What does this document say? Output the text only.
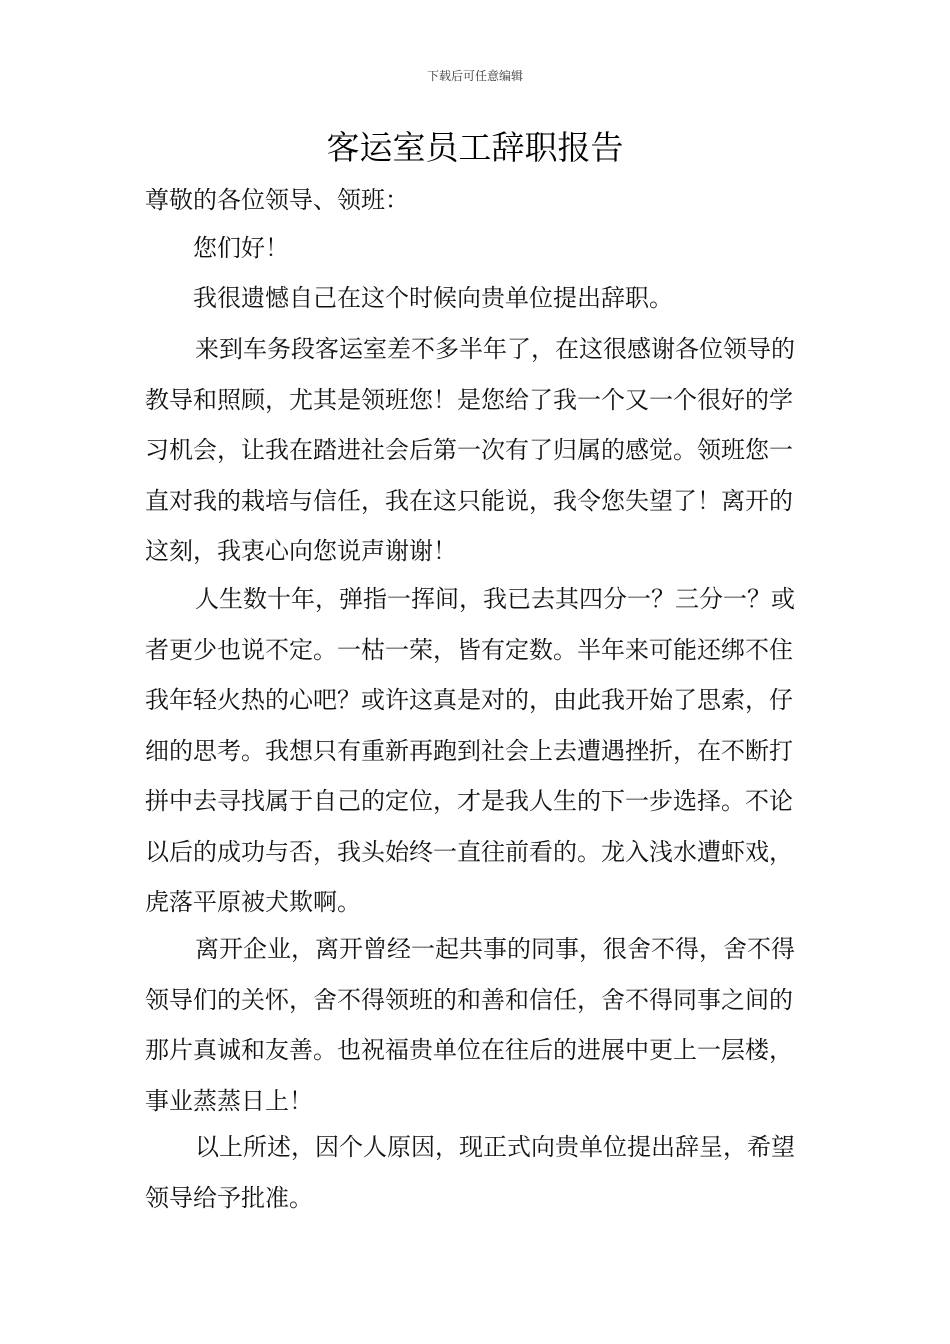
下载后可任意编辑
客运室员工辞职报告
尊敬的各位领导、领班：
您们好！

我很遗憾自己在这个时候向贵单位提出辞职。

来到车务段客运室差不多半年了，在这很感谢各位领导的教导和照顾，尤其是领班您！是您给了我一个又一个很好的学习机会，让我在踏进社会后第一次有了归属的感觉。领班您一直对我的栽培与信任，我在这只能说，我令您失望了！离开的这刻，我衷心向您说声谢谢！

人生数十年，弹指一挥间，我已去其四分一？三分一？或者更少也说不定。一枯一荣，皆有定数。半年来可能还绑不住我年轻火热的心吧？或许这真是对的，由此我开始了思索，仔细的思考。我想只有重新再跑到社会上去遭遇挫折，在不断打拼中去寻找属于自己的定位，才是我人生的下一步选择。不论以后的成功与否，我头始终一直往前看的。龙入浅水遭虾戏，虎落平原被犬欺啊。

离开企业，离开曾经一起共事的同事，很舍不得，舍不得领导们的关怀，舍不得领班的和善和信任，舍不得同事之间的那片真诚和友善。也祝福贵单位在往后的进展中更上一层楼，事业蒸蒸日上！

以上所述，因个人原因，现正式向贵单位提出辞呈，希望领导给予批准。
